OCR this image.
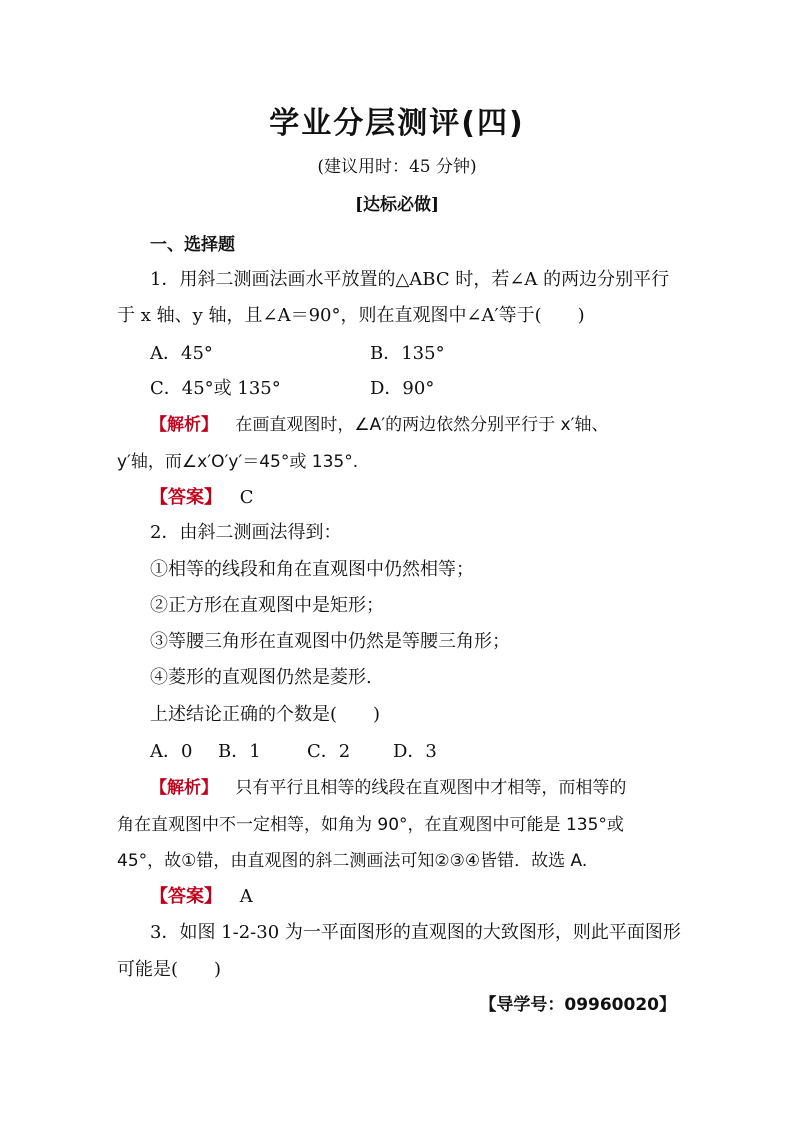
学业分层测评(四)
(建议用时：45 分钟)
[达标必做]
一、选择题
1．用斜二测画法画水平放置的△ABC 时，若∠A 的两边分别平行
于 x 轴、y 轴，且∠A＝90°，则在直观图中∠A′等于(　　)
A．45°	B．135°
C．45°或 135°	D．90°
【解析】 在画直观图时，∠A′的两边依然分别平行于 x′轴、
y′轴，而∠x′O′y′＝45°或 135°.
【答案】 C
2．由斜二测画法得到：
①相等的线段和角在直观图中仍然相等；
②正方形在直观图中是矩形；
③等腰三角形在直观图中仍然是等腰三角形；
④菱形的直观图仍然是菱形.
上述结论正确的个数是(　　)
A．0 B．1	C．2 D．3
【解析】 只有平行且相等的线段在直观图中才相等，而相等的
角在直观图中不一定相等，如角为 90°，在直观图中可能是 135°或
45°，故①错，由直观图的斜二测画法可知②③④皆错．故选 A.
【答案】 A
3．如图 1-2-30 为一平面图形的直观图的大致图形，则此平面图形
可能是(　　)
【导学号：09960020】
